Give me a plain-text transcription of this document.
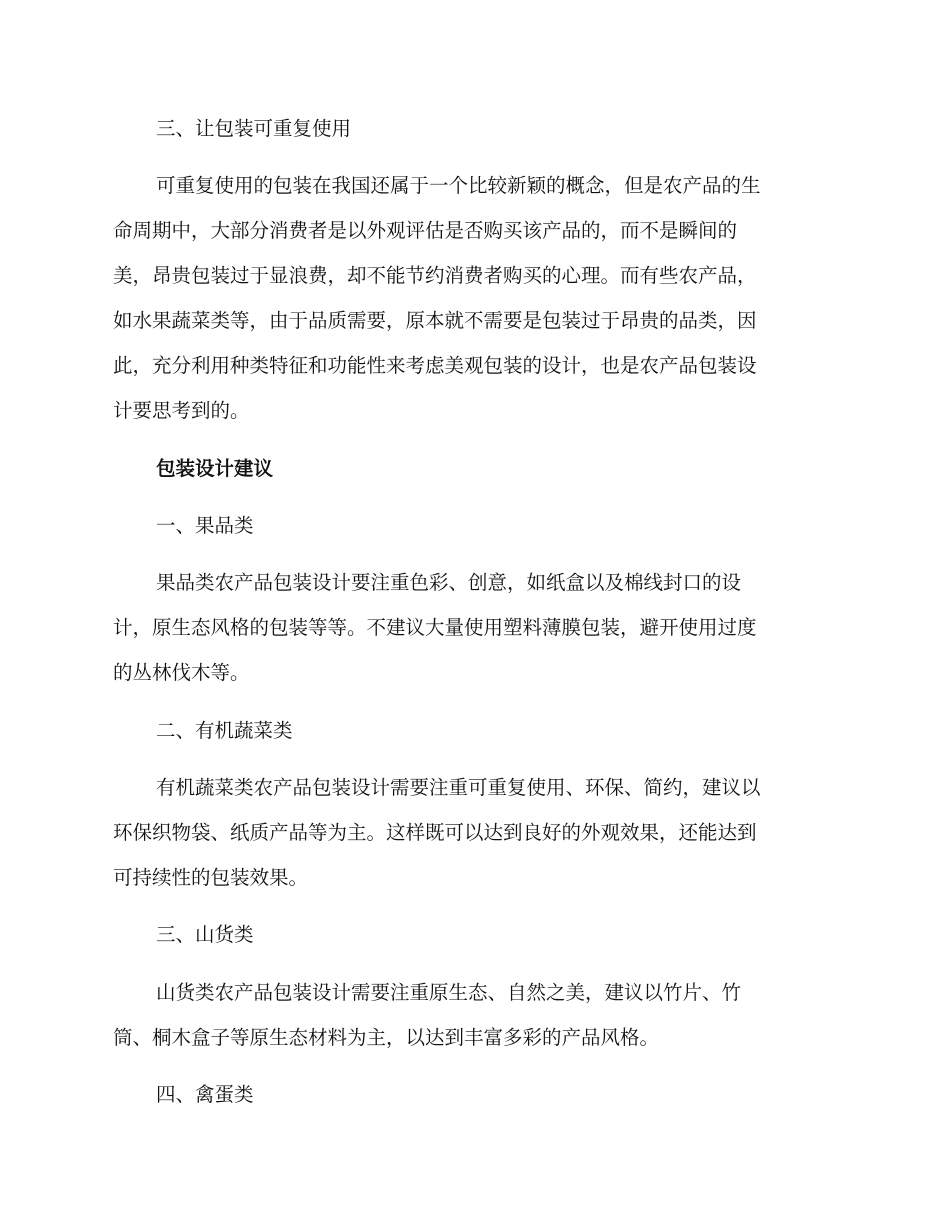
三、让包装可重复使用
可重复使用的包装在我国还属于一个比较新颖的概念，但是农产品的生
命周期中，大部分消费者是以外观评估是否购买该产品的，而不是瞬间的
美，昂贵包装过于显浪费，却不能节约消费者购买的心理。而有些农产品，
如水果蔬菜类等，由于品质需要，原本就不需要是包装过于昂贵的品类，因
此，充分利用种类特征和功能性来考虑美观包装的设计，也是农产品包装设
计要思考到的。
包装设计建议
一、果品类
果品类农产品包装设计要注重色彩、创意，如纸盒以及棉线封口的设
计，原生态风格的包装等等。不建议大量使用塑料薄膜包装，避开使用过度
的丛林伐木等。
二、有机蔬菜类
有机蔬菜类农产品包装设计需要注重可重复使用、环保、简约，建议以
环保织物袋、纸质产品等为主。这样既可以达到良好的外观效果，还能达到
可持续性的包装效果。
三、山货类
山货类农产品包装设计需要注重原生态、自然之美，建议以竹片、竹
筒、桐木盒子等原生态材料为主，以达到丰富多彩的产品风格。
四、禽蛋类
